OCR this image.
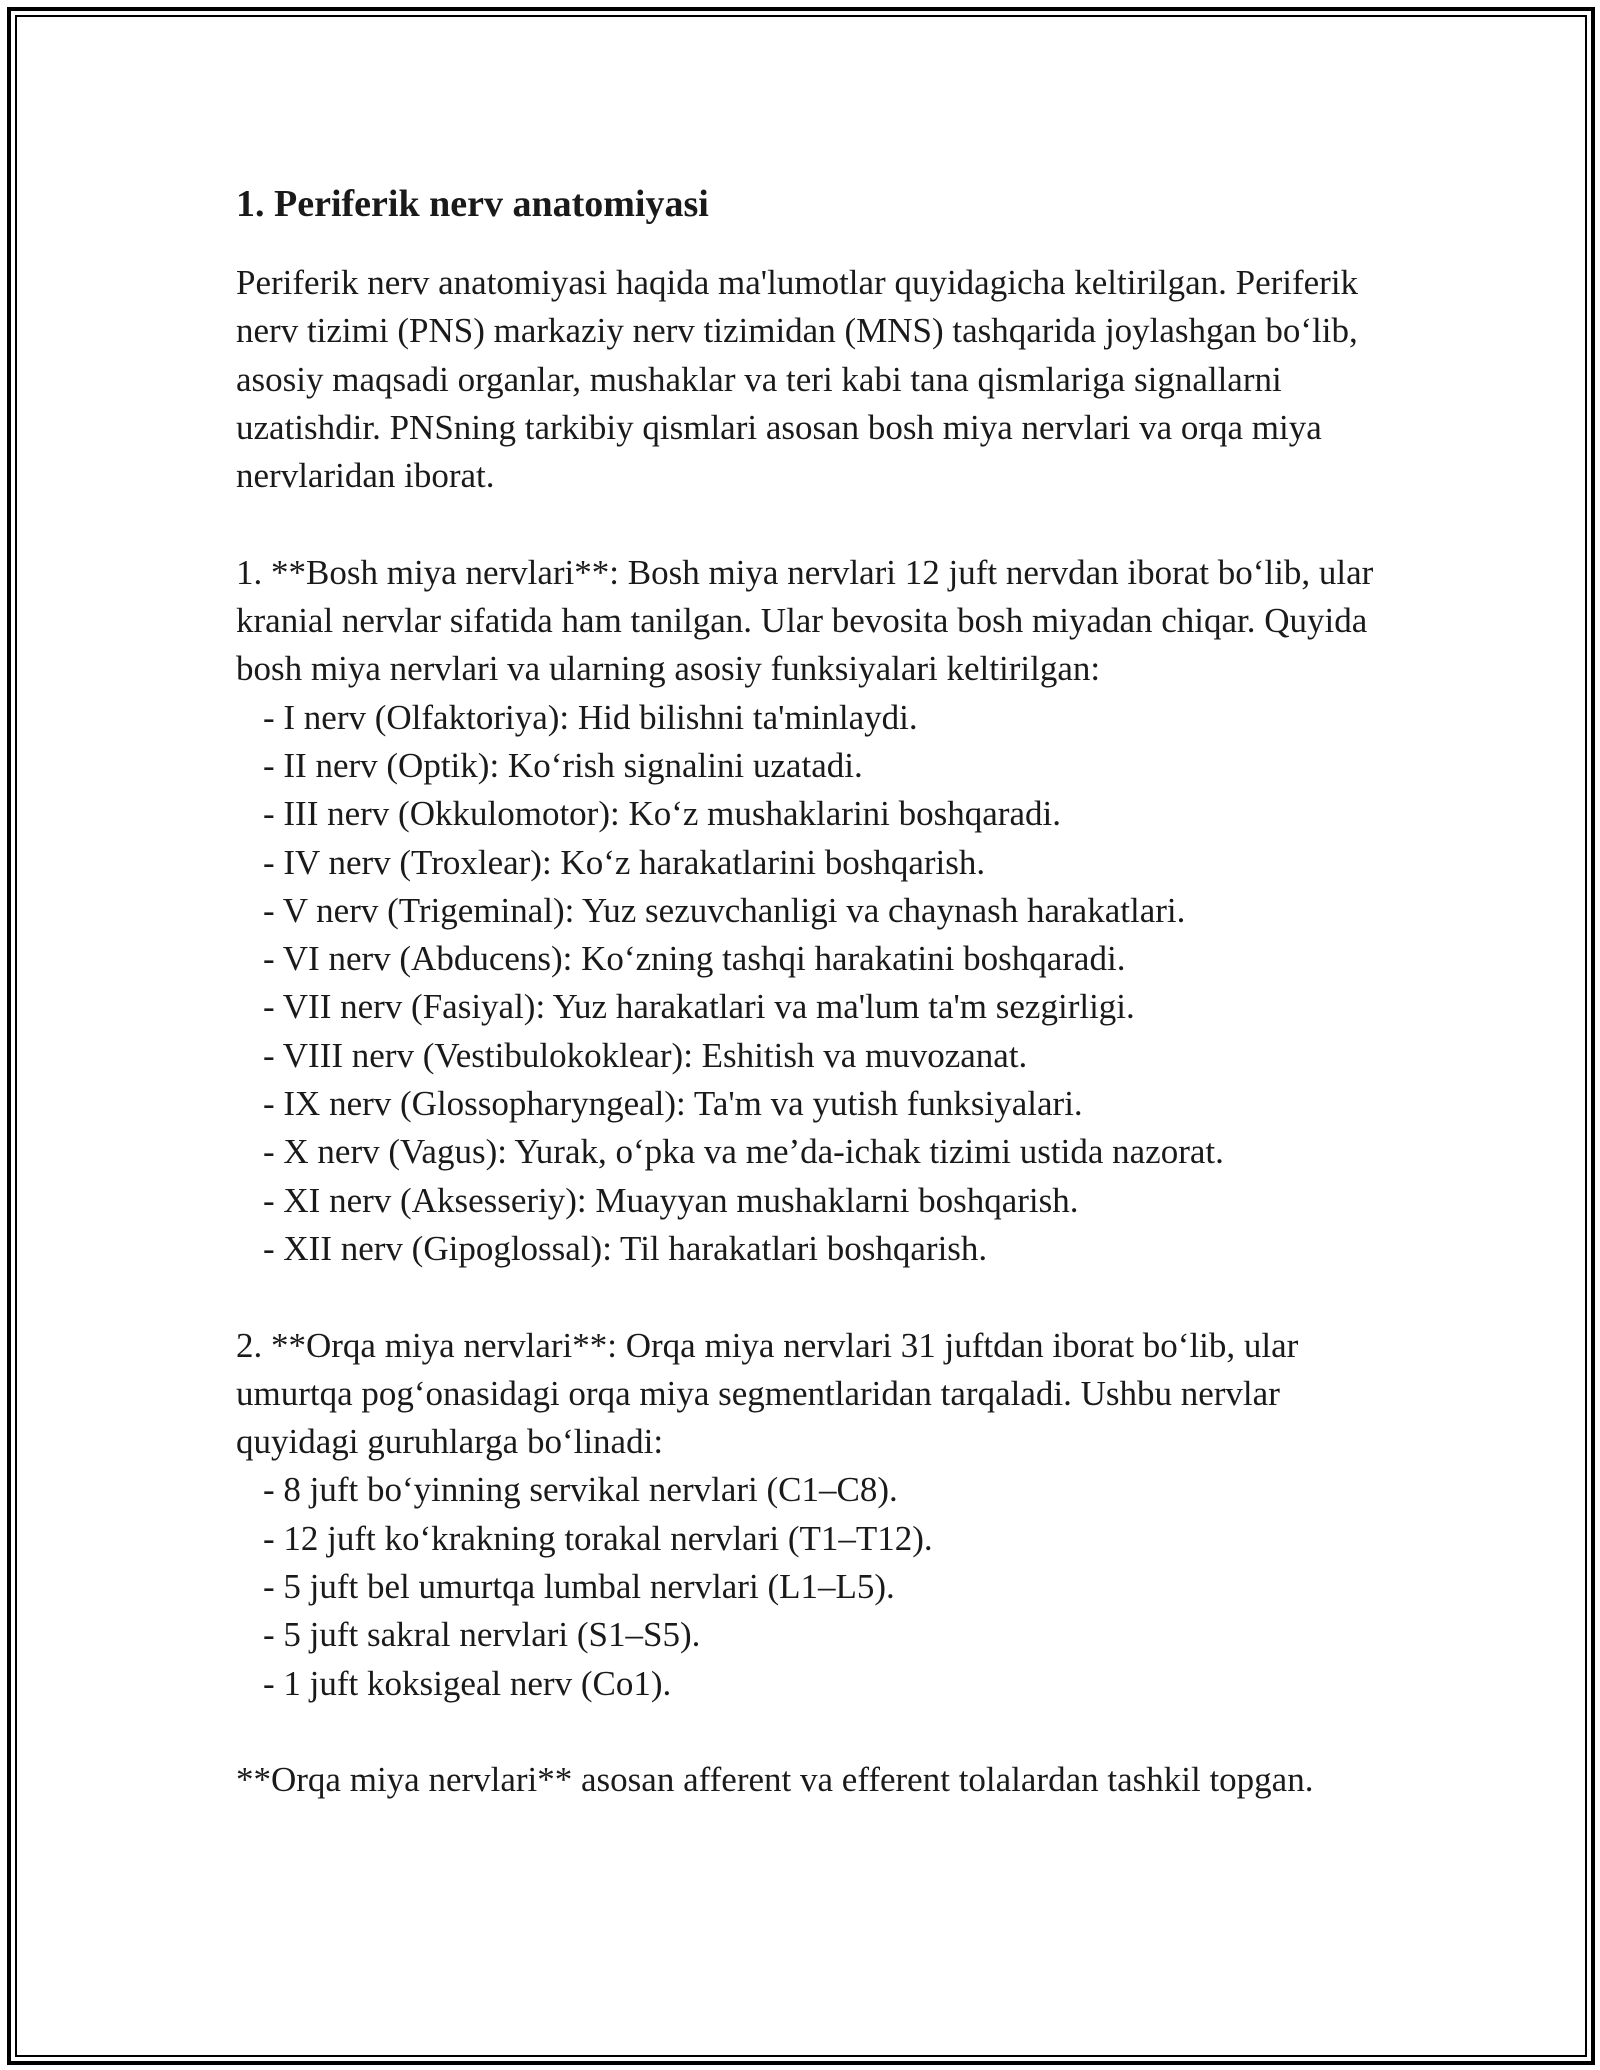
1. Periferik nerv anatomiyasi

Periferik nerv anatomiyasi haqida ma'lumotlar quyidagicha keltirilgan. Periferik nerv tizimi (PNS) markaziy nerv tizimidan (MNS) tashqarida joylashgan bo‘lib, asosiy maqsadi organlar, mushaklar va teri kabi tana qismlariga signallarni uzatishdir. PNSning tarkibiy qismlari asosan bosh miya nervlari va orqa miya nervlaridan iborat.

1. **Bosh miya nervlari**: Bosh miya nervlari 12 juft nervdan iborat bo‘lib, ular kranial nervlar sifatida ham tanilgan. Ular bevosita bosh miyadan chiqar. Quyida bosh miya nervlari va ularning asosiy funksiyalari keltirilgan:

- I nerv (Olfaktoriya): Hid bilishni ta'minlaydi.

- II nerv (Optik): Ko‘rish signalini uzatadi.

- III nerv (Okkulomotor): Ko‘z mushaklarini boshqaradi.

- IV nerv (Troxlear): Ko‘z harakatlarini boshqarish.

- V nerv (Trigeminal): Yuz sezuvchanligi va chaynash harakatlari.

- VI nerv (Abducens): Ko‘zning tashqi harakatini boshqaradi.

- VII nerv (Fasiyal): Yuz harakatlari va ma'lum ta'm sezgirligi.

- VIII nerv (Vestibulokoklear): Eshitish va muvozanat.

- IX nerv (Glossopharyngeal): Ta'm va yutish funksiyalari.

- X nerv (Vagus): Yurak, o‘pka va me’da-ichak tizimi ustida nazorat.

- XI nerv (Aksesseriy): Muayyan mushaklarni boshqarish.

- XII nerv (Gipoglossal): Til harakatlari boshqarish.

2. **Orqa miya nervlari**: Orqa miya nervlari 31 juftdan iborat bo‘lib, ular umurtqa pog‘onasidagi orqa miya segmentlaridan tarqaladi. Ushbu nervlar quyidagi guruhlarga bo‘linadi:

- 8 juft bo‘yinning servikal nervlari (C1–C8).

- 12 juft ko‘krakning torakal nervlari (T1–T12).

- 5 juft bel umurtqa lumbal nervlari (L1–L5).

- 5 juft sakral nervlari (S1–S5).

- 1 juft koksigeal nerv (Co1).

**Orqa miya nervlari** asosan afferent va efferent tolalardan tashkil topgan.
